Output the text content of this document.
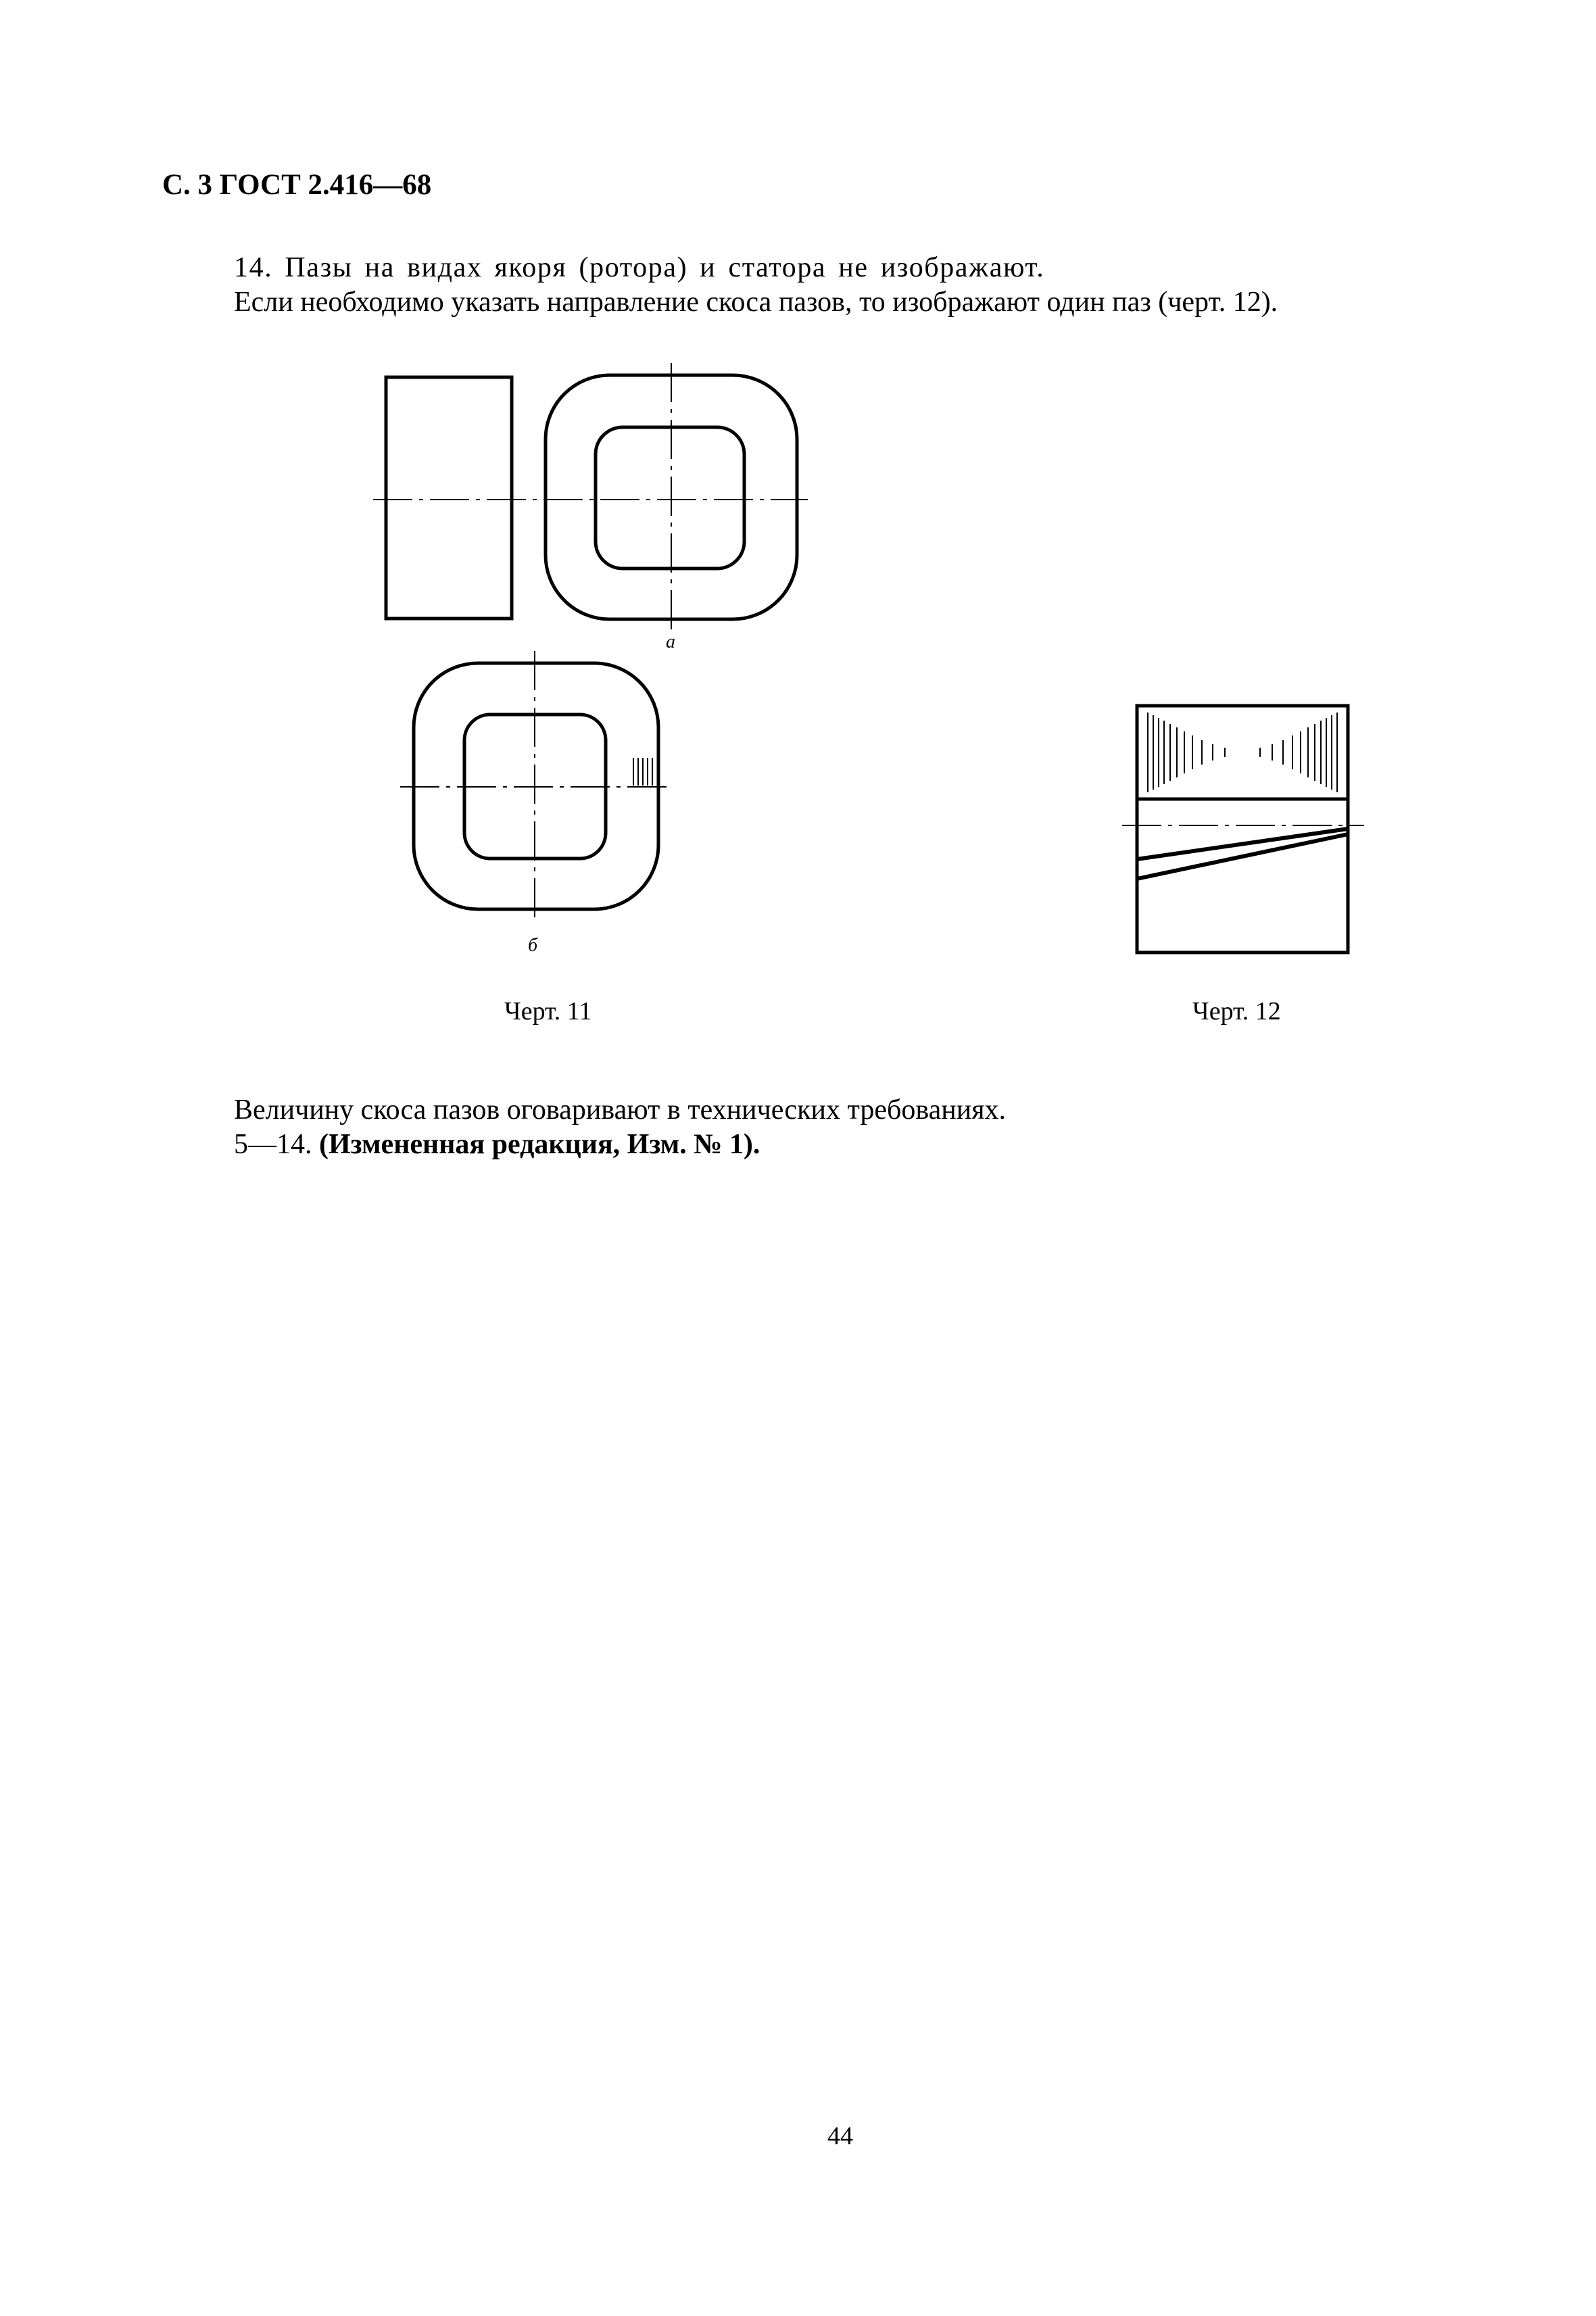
С. 3 ГОСТ 2.416—68
14. Пазы на видах якоря (ротора) и статора не изображают.
Если необходимо указать направление скоса пазов, то изображают один паз (черт. 12).
а
б
Черт. 11	Черт. 12
Величину скоса пазов оговаривают в технических требованиях.
5—14. (Измененная редакция, Изм. № 1).
44
